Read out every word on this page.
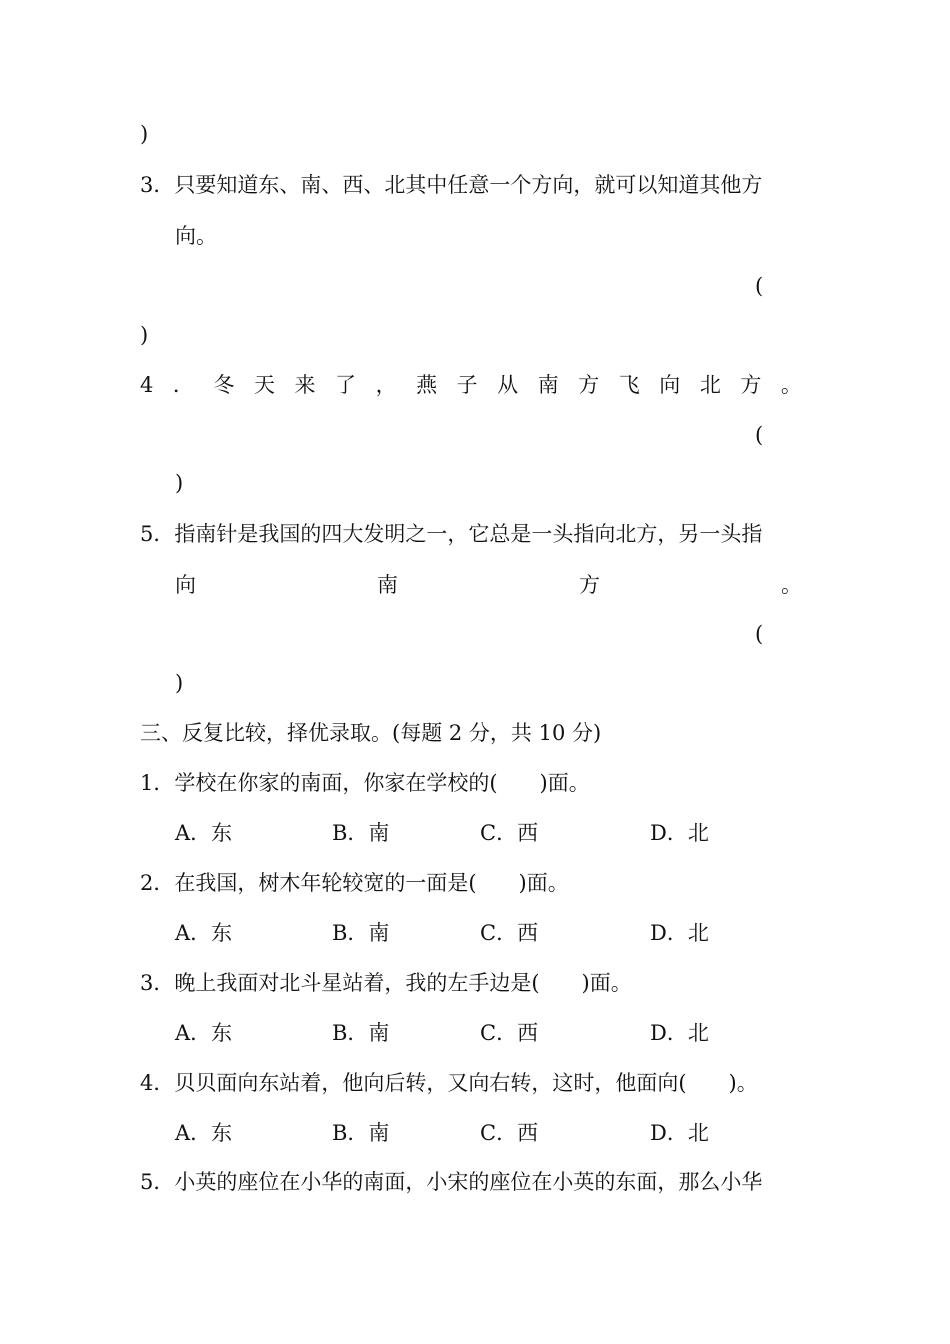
)
3．只要知道东、南、西、北其中任意一个方向，就可以知道其他方
向。
(
)
4 ． 冬 天 来 了 ， 燕 子 从 南 方 飞 向 北 方 。
(
)
5．指南针是我国的四大发明之一，它总是一头指向北方，另一头指
向	南	方	。
(
)
三、反复比较，择优录取。(每题 2 分，共 10 分)
1．学校在你家的南面，你家在学校的(　　)面。
A．东	B．南	C．西	D．北
2．在我国，树木年轮较宽的一面是(　　)面。
A．东	B．南	C．西	D．北
3．晚上我面对北斗星站着，我的左手边是(　　)面。
A．东	B．南	C．西	D．北
4．贝贝面向东站着，他向后转，又向右转，这时，他面向(　　)。
A．东	B．南	C．西	D．北
5．小英的座位在小华的南面，小宋的座位在小英的东面，那么小华
